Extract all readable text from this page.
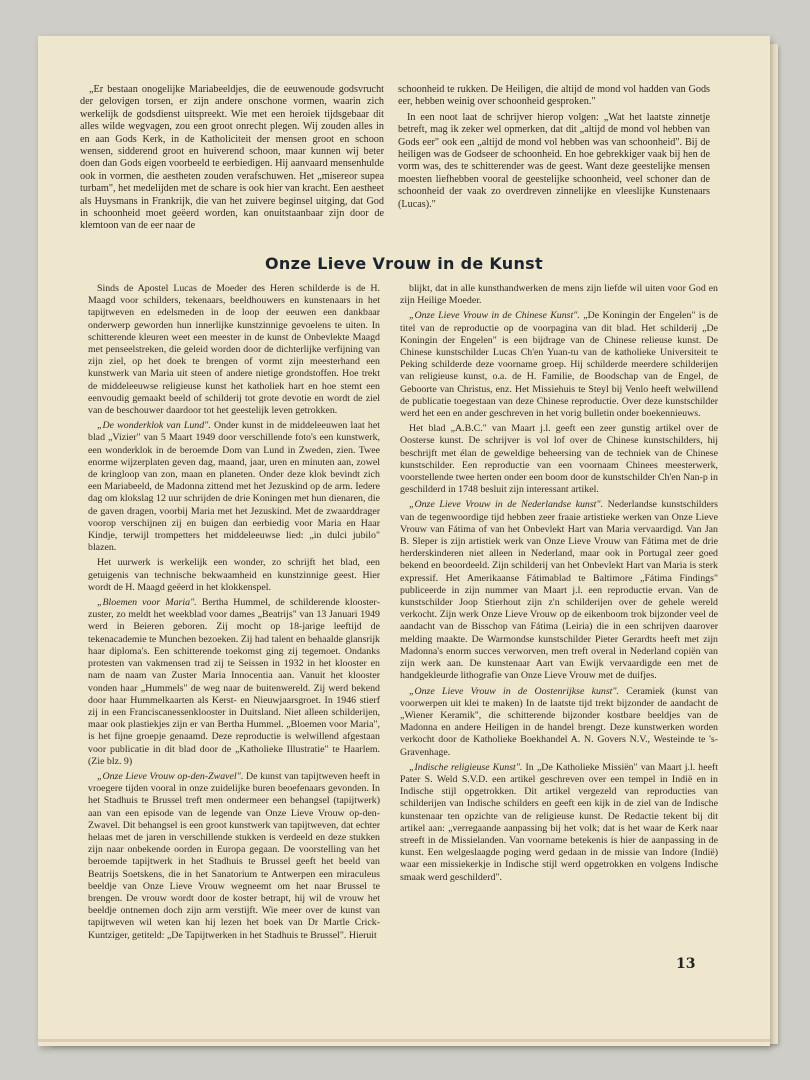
„Er bestaan onogelijke Mariabeeldjes, die de eeuwenoude godsvrucht der gelovigen torsen, er zijn andere onschone vormen, waarin zich werkelijk de godsdienst uitspreekt. Wie met een heroiek tijdsgebaar dit alles wilde wegvagen, zou een groot onrecht plegen. Wij zouden alles in en aan Gods Kerk, in de Katholiciteit der mensen groot en schoon wensen, sidderend groot en huiverend schoon, maar kunnen wij beter doen dan Gods eigen voorbeeld te eerbiedigen. Hij aanvaard mensenhulde ook in vormen, die aestheten zouden verafschuwen. Het „misereor supea turbam", het medelijden met de schare is ook hier van kracht. Een aestheet als Huysmans in Frankrijk, die van het zuivere beginsel uitging, dat God in schoonheid moet geëerd worden, kan onuitstaanbaar zijn door de klemtoon van de eer naar de

schoonheid te rukken. De Heiligen, die altijd de mond vol hadden van Gods eer, hebben weinig over schoonheid gesproken."

In een noot laat de schrijver hierop volgen: „Wat het laatste zinnetje betreft, mag ik zeker wel opmerken, dat dit „altijd de mond vol hebben van Gods eer" ook een „altijd de mond vol hebben was van schoonheid". Bij de heiligen was de Godseer de schoonheid. En hoe gebrekkiger vaak bij hen de vorm was, des te schitterender was de geest. Want deze geestelijke mensen moesten liefhebben vooral de geestelijke schoonheid, veel schoner dan de schoonheid der vaak zo overdreven zinnelijke en vleeslijke Kunstenaars (Lucas)."

Onze Lieve Vrouw in de Kunst

Sinds de Apostel Lucas de Moeder des Heren schilderde is de H. Maagd voor schilders, tekenaars, beeldhouwers en kunstenaars in het tapijtweven en edelsmeden in de loop der eeuwen een dankbaar onderwerp geworden hun innerlijke kunstzinnige gevoelens te uiten. In schitterende kleuren weet een meester in de kunst de Onbevlekte Maagd met penseelstreken, die geleid worden door de dichterlijke verfijning van zijn ziel, op het doek te brengen of vormt zijn meesterhand een kunstwerk van Maria uit steen of andere nietige grondstoffen. Hoe trekt de middeleeuwse religieuse kunst het katholiek hart en hoe stemt een eenvoudig gemaakt beeld of schilderij tot grote devotie en wordt de ziel van de beschouwer daardoor tot het geestelijk leven getrokken.

„De wonderklok van Lund". Onder kunst in de middeleeuwen laat het blad „Vizier" van 5 Maart 1949 door verschillende foto's een kunstwerk, een wonderklok in de beroemde Dom van Lund in Zweden, zien. Twee enorme wijzerplaten geven dag, maand, jaar, uren en minuten aan, zowel de kringloop van zon, maan en planeten. Onder deze klok bevindt zich een Mariabeeld, de Madonna zittend met het Jezuskind op de arm. Iedere dag om klokslag 12 uur schrijden de drie Koningen met hun dienaren, die de gaven dragen, voorbij Maria met het Jezuskind. Met de zwaarddrager voorop verschijnen zij en buigen dan eerbiedig voor Maria en Haar Kindje, terwijl trompetters het middeleeuwse lied: „in dulci jubilo" blazen.

Het uurwerk is werkelijk een wonder, zo schrijft het blad, een getuigenis van technische bekwaamheid en kunstzinnige geest. Hier wordt de H. Maagd geëerd in het klokkenspel.

„Bloemen voor Maria". Bertha Hummel, de schilderende kloosterzuster, zo meldt het weekblad voor dames „Beatrijs" van 13 Januari 1949 werd in Beieren geboren. Zij mocht op 18-jarige leeftijd de tekenacademie te Munchen bezoeken. Zij had talent en behaalde glansrijk haar diploma's. Een schitterende toekomst ging zij tegemoet. Ondanks protesten van vakmensen trad zij te Seissen in 1932 in het klooster en nam de naam van Zuster Maria Innocentia aan. Vanuit het klooster vonden haar „Hummels" de weg naar de buitenwereld. Zij werd bekend door haar Hummelkaarten als Kerst- en Nieuwjaarsgroet. In 1946 stierf zij in een Franciscanessenklooster in Duitsland. Niet alleen schilderijen, maar ook plastiekjes zijn er van Bertha Hummel. „Bloemen voor Maria", is het fijne groepje genaamd. Deze reproductie is welwillend afgestaan voor publicatie in dit blad door de „Katholieke Illustratie" te Haarlem. (Zie blz. 9)

„Onze Lieve Vrouw op-den-Zwavel". De kunst van tapijtweven heeft in vroegere tijden vooral in onze zuidelijke buren beoefenaars gevonden. In het Stadhuis te Brussel treft men ondermeer een behangsel (tapijtwerk) aan van een episode van de legende van Onze Lieve Vrouw op-den-Zwavel. Dit behangsel is een groot kunstwerk van tapijtweven, dat echter helaas met de jaren in verschillende stukken is verdeeld en deze stukken zijn naar onbekende oorden in Europa gegaan. De voorstelling van het beroemde tapijtwerk in het Stadhuis te Brussel geeft het beeld van Beatrijs Soetskens, die in het Sanatorium te Antwerpen een miraculeus beeldje van Onze Lieve Vrouw wegneemt om het naar Brussel te brengen. De vrouw wordt door de koster betrapt, hij wil de vrouw het beeldje ontnemen doch zijn arm verstijft. Wie meer over de kunst van tapijtweven wil weten kan hij lezen het boek van Dr Martle Crick-Kuntziger, getiteld: „De Tapijtwerken in het Stadhuis te Brussel". Hieruit

blijkt, dat in alle kunsthandwerken de mens zijn liefde wil uiten voor God en zijn Heilige Moeder.

„Onze Lieve Vrouw in de Chinese Kunst". „De Koningin der Engelen" is de titel van de reproductie op de voorpagina van dit blad. Het schilderij „De Koningin der Engelen" is een bijdrage van de Chinese relieuse kunst. De Chinese kunstschilder Lucas Ch'en Yuan-tu van de katholieke Universiteit te Peking schilderde deze voorname groep. Hij schilderde meerdere schilderijen van religieuse kunst, o.a. de H. Familie, de Boodschap van de Engel, de Geboorte van Christus, enz. Het Missiehuis te Steyl bij Venlo heeft welwillend de publicatie toegestaan van deze Chinese reproductie. Over deze kunstschilder werd het een en ander geschreven in het vorig bulletin onder boekennieuws.

Het blad „A.B.C." van Maart j.l. geeft een zeer gunstig artikel over de Oosterse kunst. De schrijver is vol lof over de Chinese kunstschilders, hij beschrijft met élan de geweldige beheersing van de techniek van de Chinese kunstschilder. Een reproductie van een voornaam Chinees meesterwerk, voorstellende twee herten onder een boom door de kunstschilder Ch'en Nan-p in geschilderd in 1748 besluit zijn interessant artikel.

„Onze Lieve Vrouw in de Nederlandse kunst". Nederlandse kunstschilders van de tegenwoordige tijd hebben zeer fraaie artistieke werken van Onze Lieve Vrouw van Fátima of van het Onbevlekt Hart van Maria vervaardigd. Van Jan B. Sleper is zijn artistiek werk van Onze Lieve Vrouw van Fátima met de drie herderskinderen niet alleen in Nederland, maar ook in Portugal zeer goed bekend en beoordeeld. Zijn schilderij van het Onbevlekt Hart van Maria is sterk expressif. Het Amerikaanse Fátimablad te Baltimore „Fátima Findings" publiceerde in zijn nummer van Maart j.l. een reproductie ervan. Van de kunstschilder Joop Stierhout zijn z'n schilderijen over de gehele wereld verkocht. Zijn werk Onze Lieve Vrouw op de eikenboom trok bijzonder veel de aandacht van de Bisschop van Fátima (Leiria) die in een schrijven daarover melding maakte. De Warmondse kunstschilder Pieter Gerardts heeft met zijn Madonna's enorm succes verworven, men treft overal in Nederland copiën van zijn werk aan. De kunstenaar Aart van Ewijk vervaardigde een met de handgekleurde lithografie van Onze Lieve Vrouw met de duifjes.

„Onze Lieve Vrouw in de Oostenrijkse kunst". Ceramiek (kunst van voorwerpen uit klei te maken) In de laatste tijd trekt bijzonder de aandacht de „Wiener Keramik", die schitterende bijzonder kostbare beeldjes van de Madonna en andere Heiligen in de handel brengt. Deze kunstwerken worden verkocht door de Katholieke Boekhandel A. N. Govers N.V., Westeinde te 's-Gravenhage.

„Indische religieuse Kunst". In „De Katholieke Missiën" van Maart j.l. heeft Pater S. Weld S.V.D. een artikel geschreven over een tempel in Indië en in Indische stijl opgetrokken. Dit artikel vergezeld van reproducties van schilderijen van Indische schilders en geeft een kijk in de ziel van de Indische kunstenaar ten opzichte van de religieuse kunst. De Redactie tekent bij dit artikel aan: „verregaande aanpassing bij het volk; dat is het waar de Kerk naar streeft in de Missielanden. Van voorname betekenis is hier de aanpassing in de kunst. Een welgeslaagde poging werd gedaan in de missie van Indore (Indië) waar een missiekerkje in Indische stijl werd opgetrokken en volgens Indische smaak werd geschilderd".

13
